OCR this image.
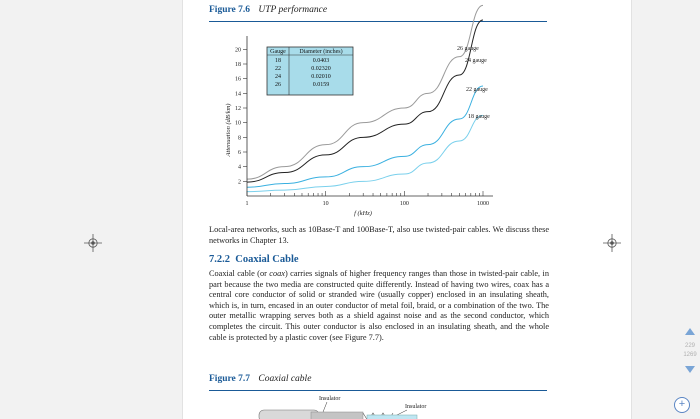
Figure 7.6 UTP performance
1000
100
10
1
20
18
16
14
12
10
8
6
4
2
Attenuation (dB/km)
f (kHz)
Gauge Diameter (inches)
18	0.0403
22	0.02320
24	0.02010
26	0.0159
26 gauge
24 gauge
22 gauge
18 gauge

Local-area networks, such as 10Base-T and 100Base-T, also use twisted-pair cables. We discuss these networks in Chapter 13.

7.2.2 Coaxial Cable

Coaxial cable (or coax) carries signals of higher frequency ranges than those in twisted-pair cable, in part because the two media are constructed quite differently. Instead of having two wires, coax has a central core conductor of solid or stranded wire (usually copper) enclosed in an insulating sheath, which is, in turn, encased in an outer conductor of metal foil, braid, or a combination of the two. The outer metallic wrapping serves both as a shield against noise and as the second conductor, which completes the circuit. This outer conductor is also enclosed in an insulating sheath, and the whole cable is protected by a plastic cover (see Figure 7.7).

Figure 7.7 Coaxial cable
Insulator
Insulator
229
1269
+
